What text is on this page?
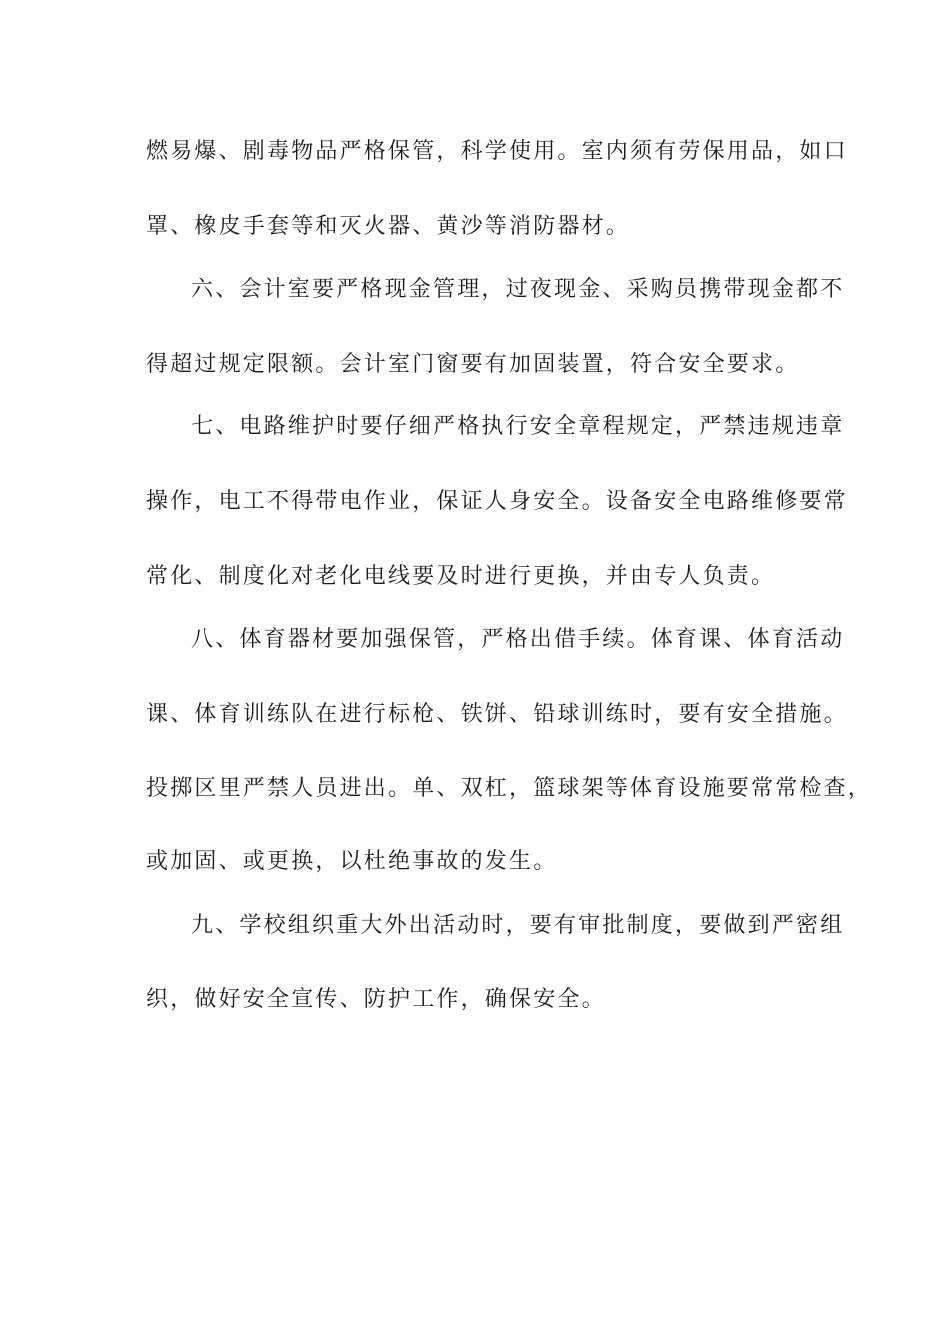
燃易爆、剧毒物品严格保管，科学使用。室内须有劳保用品，如口
罩、橡皮手套等和灭火器、黄沙等消防器材。
六、会计室要严格现金管理，过夜现金、采购员携带现金都不
得超过规定限额。会计室门窗要有加固装置，符合安全要求。
七、电路维护时要仔细严格执行安全章程规定，严禁违规违章
操作，电工不得带电作业，保证人身安全。设备安全电路维修要常
常化、制度化对老化电线要及时进行更换，并由专人负责。
八、体育器材要加强保管，严格出借手续。体育课、体育活动
课、体育训练队在进行标枪、铁饼、铅球训练时，要有安全措施。
投掷区里严禁人员进出。单、双杠，篮球架等体育设施要常常检查，
或加固、或更换，以杜绝事故的发生。
九、学校组织重大外出活动时，要有审批制度，要做到严密组
织，做好安全宣传、防护工作，确保安全。
